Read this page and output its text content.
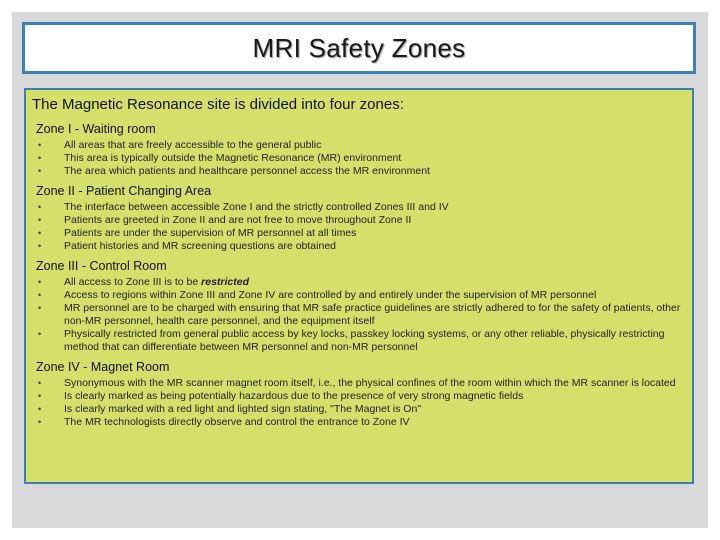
MRI Safety Zones

The Magnetic Resonance site is divided into four zones:

Zone I - Waiting room
• All areas that are freely accessible to the general public
• This area is typically outside the Magnetic Resonance (MR) environment
• The area which patients and healthcare personnel access the MR environment
Zone II - Patient Changing Area
• The interface between accessible Zone I and the strictly controlled Zones III and IV
• Patients are greeted in Zone II and are not free to move throughout Zone II
• Patients are under the supervision of MR personnel at all times
• Patient histories and MR screening questions are obtained
Zone III - Control Room
• All access to Zone III is to be restricted
• Access to regions within Zone III and Zone IV are controlled by and entirely under the supervision of MR personnel
• MR personnel are to be charged with ensuring that MR safe practice guidelines are strictly adhered to for the safety of patients, other non-MR personnel, health care personnel, and the equipment itself
• Physically restricted from general public access by key locks, passkey locking systems, or any other reliable, physically restricting method that can differentiate between MR personnel and non-MR personnel
Zone IV - Magnet Room
• Synonymous with the MR scanner magnet room itself, i.e., the physical confines of the room within which the MR scanner is located
• Is clearly marked as being potentially hazardous due to the presence of very strong magnetic fields
• Is clearly marked with a red light and lighted sign stating, "The Magnet is On"
• The MR technologists directly observe and control the entrance to Zone IV
